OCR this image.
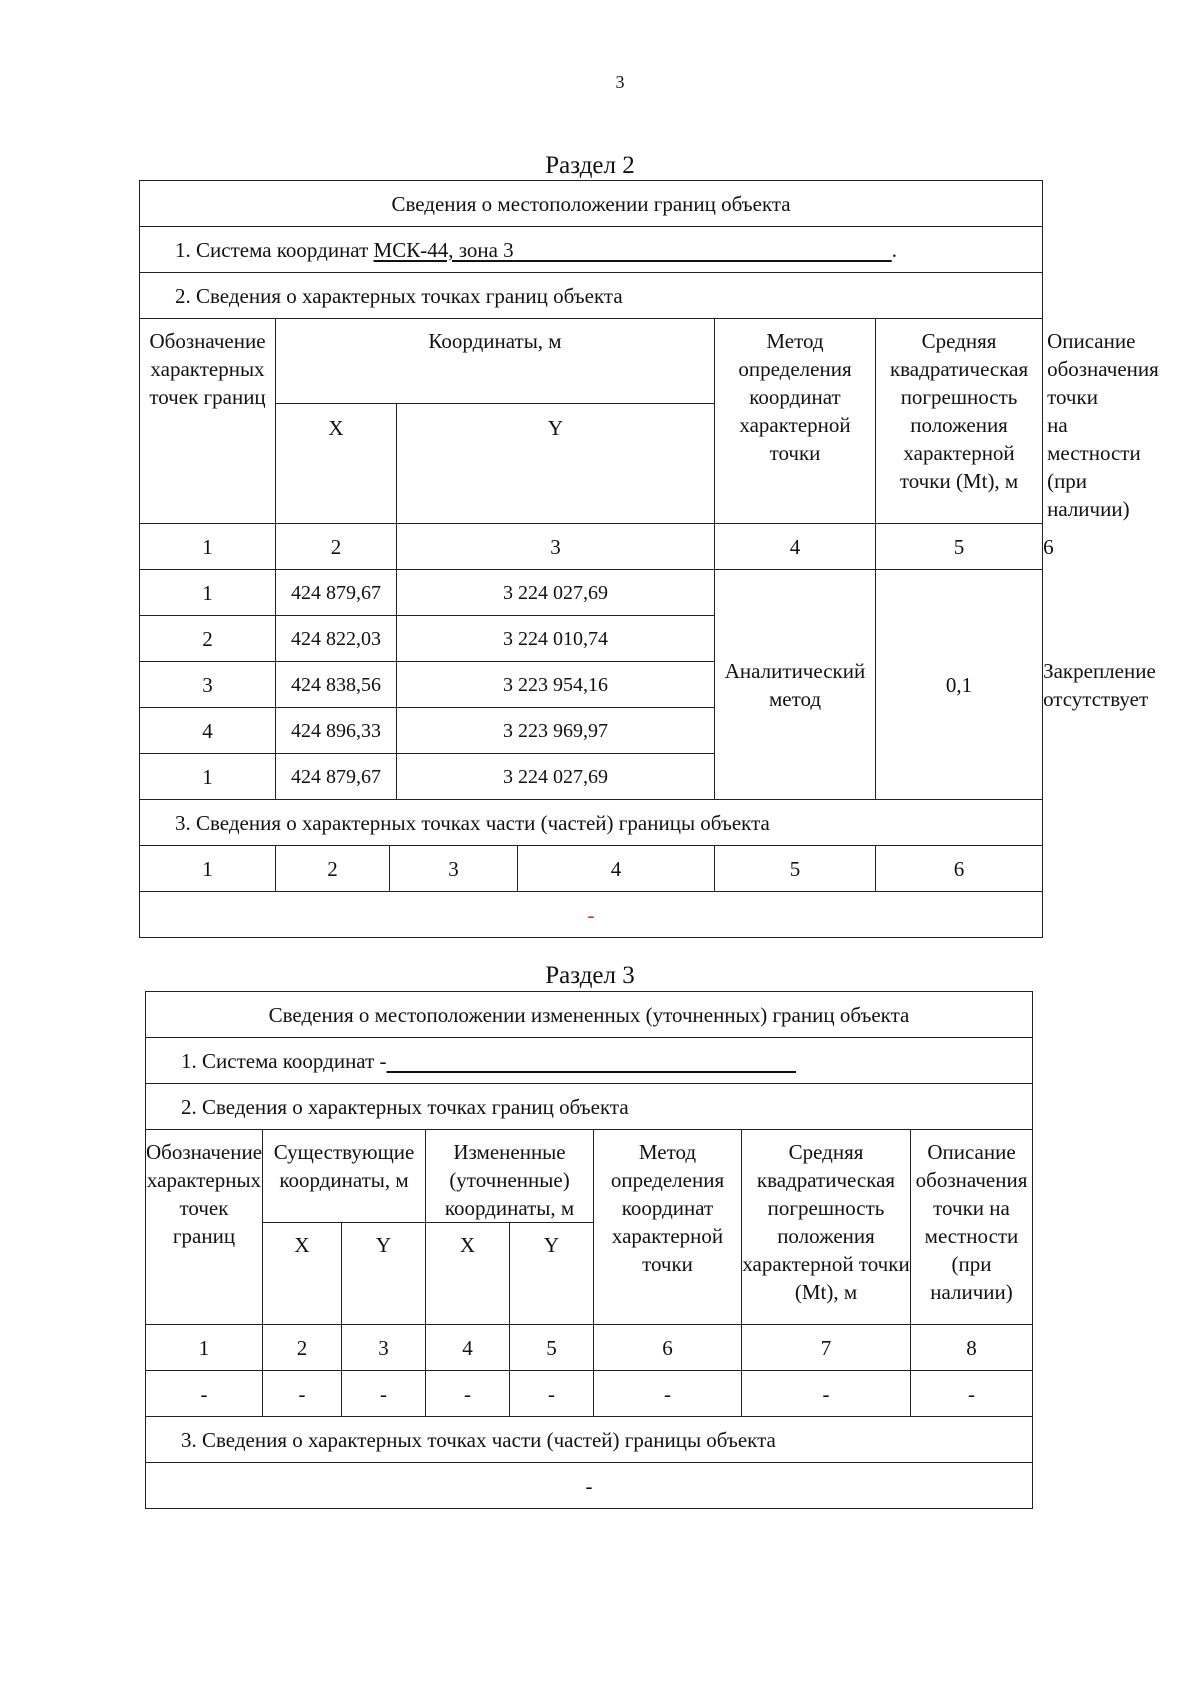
3
Раздел 2
Сведения о местоположении границ объекта							
1. Система координат МСК-44, зона 3 .							
2. Сведения о характерных точках границ объекта							
Обозначение характерных точек границ	Координаты, м				Метод определения координат характерной точки	Средняя квадратическая погрешность положения характерной точки (Mt), м	Описание обозначения точки на местности (при наличии)
	X		Y				
1	2		3		4	5	6
1	424 879,67		3 224 027,69		Аналитический метод	0,1	Закрепление отсутствует
2	424 822,03		3 224 010,74				
3	424 838,56		3 223 954,16				
4	424 896,33		3 223 969,97				
1	424 879,67		3 224 027,69				
3. Сведения о характерных точках части (частей) границы объекта							
1	2	3		4	5	6	
-							
Раздел 3
Сведения о местоположении измененных (уточненных) границ объекта							
1. Система координат -							
2. Сведения о характерных точках границ объекта							
Обозначение характерных точек границ	Существующие координаты, м		Измененные (уточненные) координаты, м		Метод определения координат характерной точки	Средняя квадратическая погрешность положения характерной точки (Mt), м	Описание обозначения точки на местности (при наличии)
	X	Y	X	Y			
1	2	3	4	5	6	7	8
-	-	-	-	-	-	-	-
3. Сведения о характерных точках части (частей) границы объекта							
-							
